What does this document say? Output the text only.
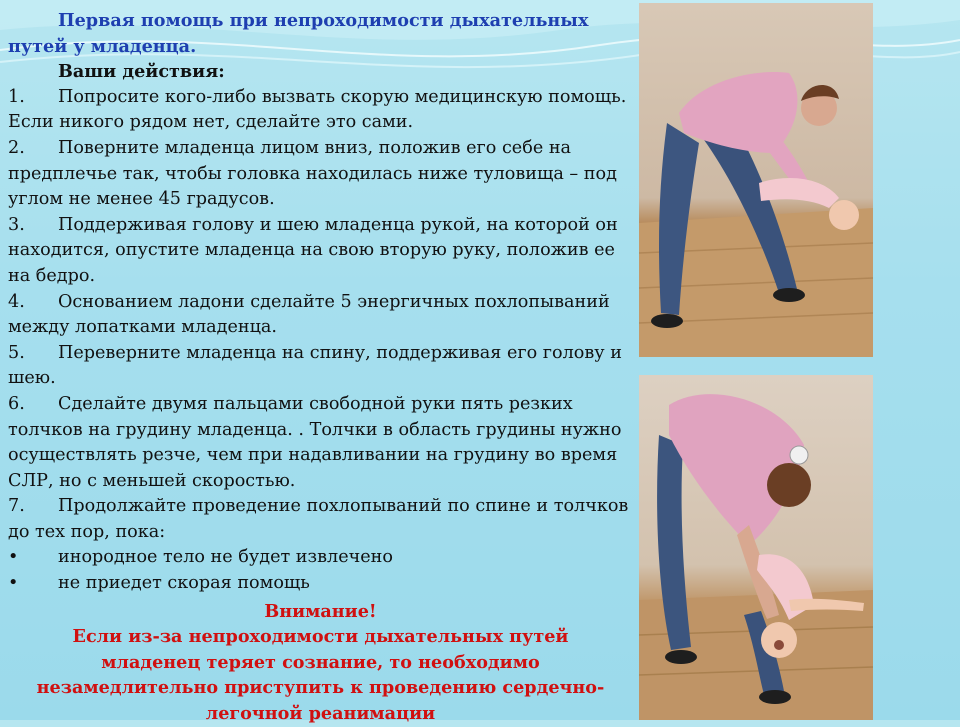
Первая помощь при непроходимости дыхательных путей у младенца.
Ваши действия:
1. Попросите кого-либо вызвать скорую медицинскую помощь. Если никого рядом нет, сделайте это сами.
2. Поверните младенца лицом вниз, положив его себе на предплечье так, чтобы головка находилась ниже туловища – под углом не менее 45 градусов.
3. Поддерживая голову и шею младенца рукой, на которой он находится, опустите младенца на свою вторую руку, положив ее на бедро.
4. Основанием ладони сделайте 5 энергичных похлопываний между лопатками младенца.
5. Переверните младенца на спину, поддерживая его голову и шею.
6. Сделайте двумя пальцами свободной руки пять резких толчков на грудину младенца. . Толчки в область грудины нужно осуществлять резче, чем при надавливании на грудину во время СЛР, но с меньшей скоростью.
7. Продолжайте проведение похлопываний по спине и толчков до тех пор, пока:
• инородное тело не будет извлечено
• не приедет скорая помощь
Внимание!
Если из-за непроходимости дыхательных путей младенец теряет сознание, то необходимо незамедлительно приступить к проведению сердечно-легочной реанимации
